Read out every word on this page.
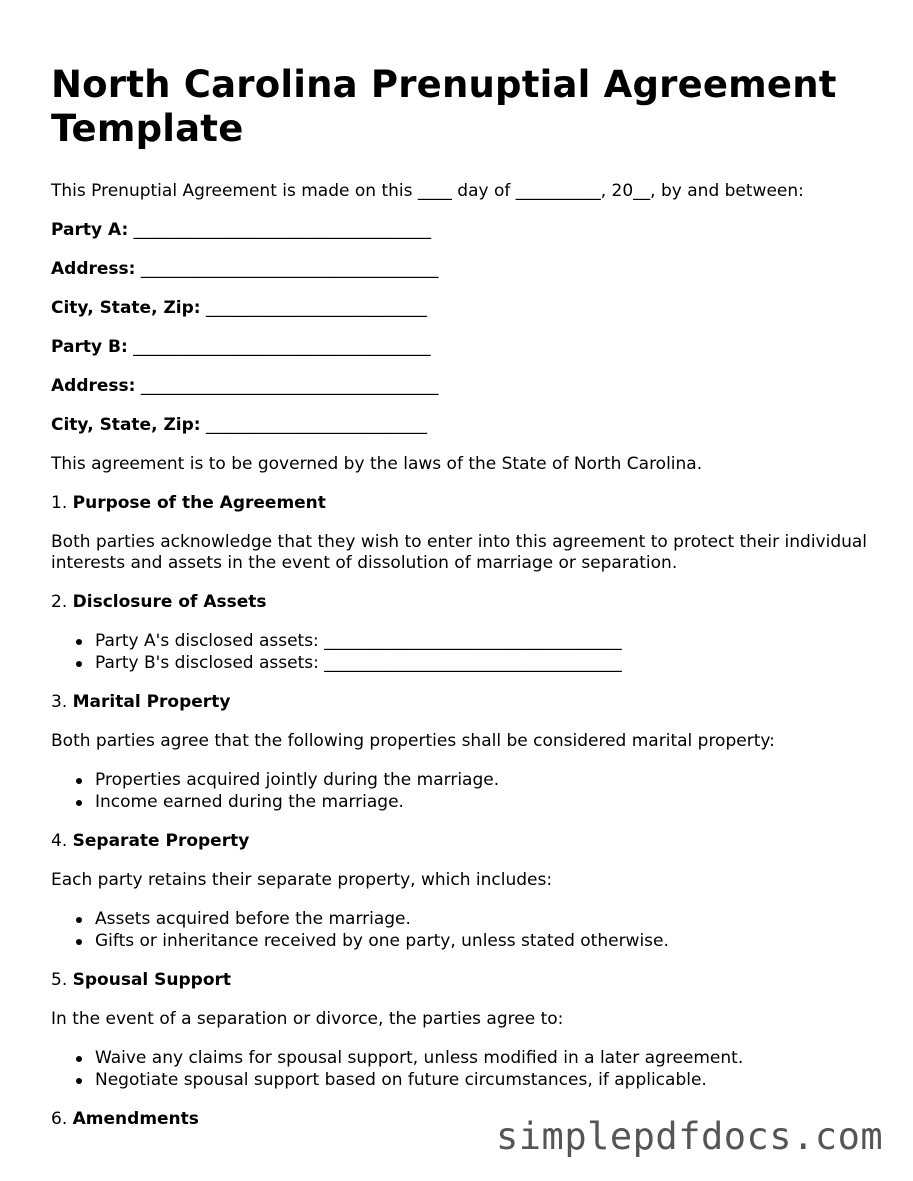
North Carolina Prenuptial Agreement Template

This Prenuptial Agreement is made on this ____ day of __________, 20__, by and between:

Party A: ___________________________________
Address: ___________________________________
City, State, Zip: __________________________
Party B: ___________________________________
Address: ___________________________________
City, State, Zip: __________________________

This agreement is to be governed by the laws of the State of North Carolina.

1. Purpose of the Agreement

Both parties acknowledge that they wish to enter into this agreement to protect their individual interests and assets in the event of dissolution of marriage or separation.

2. Disclosure of Assets
Party A's disclosed assets: ___________________________________
Party B's disclosed assets: ___________________________________
3. Marital Property

Both parties agree that the following properties shall be considered marital property:

Properties acquired jointly during the marriage.
Income earned during the marriage.
4. Separate Property

Each party retains their separate property, which includes:

Assets acquired before the marriage.
Gifts or inheritance received by one party, unless stated otherwise.
5. Spousal Support

In the event of a separation or divorce, the parties agree to:

Waive any claims for spousal support, unless modified in a later agreement.
Negotiate spousal support based on future circumstances, if applicable.
6. Amendments	simplepdfdocs.com
